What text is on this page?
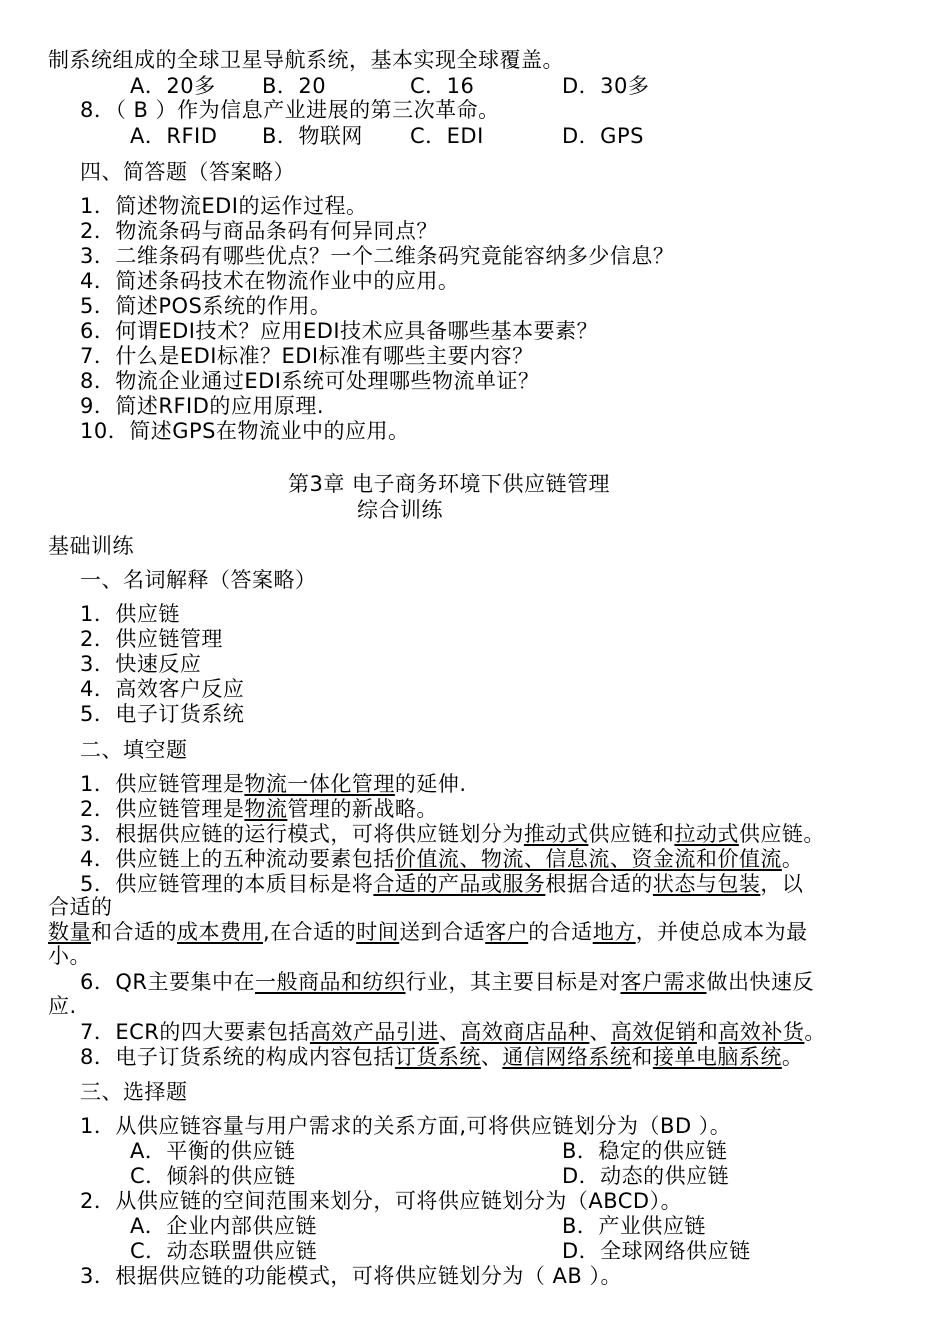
制系统组成的全球卫星导航系统，基本实现全球覆盖。
A．20多 B．20	C．16	D．30多
8．（ B ）作为信息产业进展的第三次革命。
A．RFID B．物联网 C．EDI	D．GPS
四、简答题（答案略）
1．简述物流EDI的运作过程。
2．物流条码与商品条码有何异同点？
3．二维条码有哪些优点？一个二维条码究竟能容纳多少信息？
4．简述条码技术在物流作业中的应用。
5．简述POS系统的作用。
6．何谓EDI技术？应用EDI技术应具备哪些基本要素？
7．什么是EDI标准？EDI标准有哪些主要内容？
8．物流企业通过EDI系统可处理哪些物流单证？
9．简述RFID的应用原理.
10．简述GPS在物流业中的应用。
第3章 电子商务环境下供应链管理
综合训练
基础训练
一、名词解释（答案略）
1．供应链
2．供应链管理
3．快速反应
4．高效客户反应
5．电子订货系统
二、填空题
1．供应链管理是物流一体化管理的延伸.
2．供应链管理是物流管理的新战略。
3．根据供应链的运行模式，可将供应链划分为推动式供应链和拉动式供应链。
4．供应链上的五种流动要素包括价值流、物流、信息流、资金流和价值流。
5．供应链管理的本质目标是将合适的产品或服务根据合适的状态与包装，以
合适的
数量和合适的成本费用,在合适的时间送到合适客户的合适地方，并使总成本为最
小。
6．QR主要集中在一般商品和纺织行业，其主要目标是对客户需求做出快速反
应.
7．ECR的四大要素包括高效产品引进、高效商店品种、高效促销和高效补货。
8．电子订货系统的构成内容包括订货系统、通信网络系统和接单电脑系统。
三、选择题
1．从供应链容量与用户需求的关系方面,可将供应链划分为（BD ）。
A．平衡的供应链	B．稳定的供应链
C．倾斜的供应链	D．动态的供应链
2．从供应链的空间范围来划分，可将供应链划分为（ABCD）。
A．企业内部供应链	B．产业供应链
C．动态联盟供应链	D．全球网络供应链
3．根据供应链的功能模式，可将供应链划分为（ AB ）。
